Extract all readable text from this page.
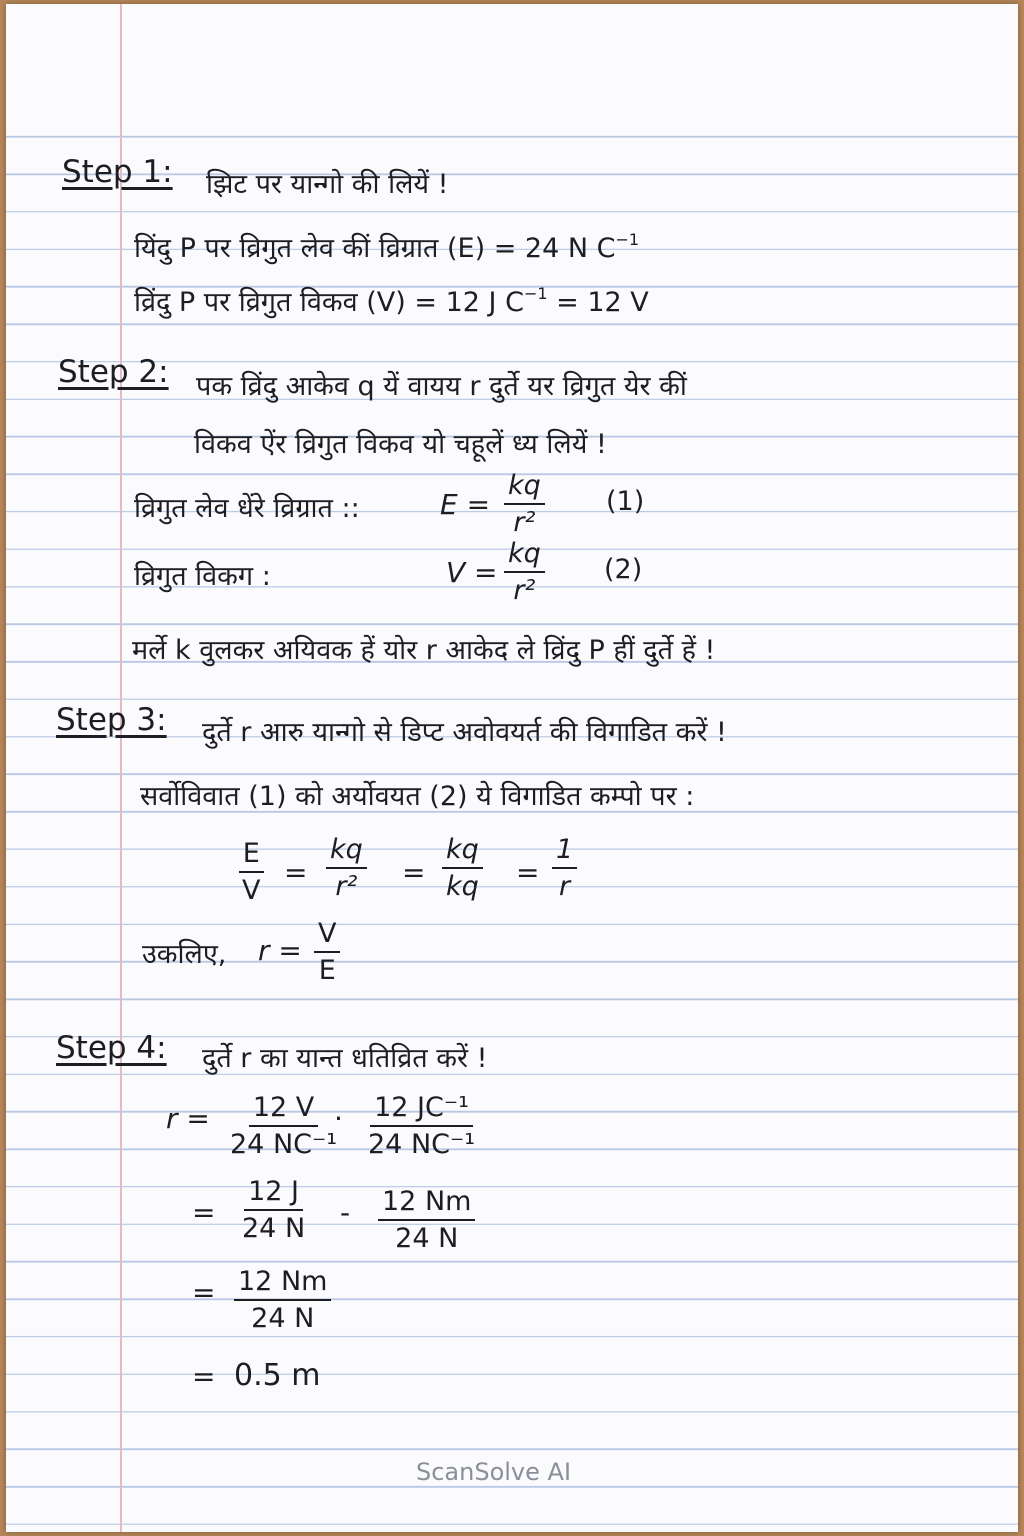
Step 1: झिट पर यान्गो की लियें !
यिंदु P पर व्रिगुत लेव कीं व्रिग्रात (E) = 24 N $C^{-1}$
व्रिंदु P पर व्रिगुत विकव (V) = 12 J $C^{-1} = 12$ V
Step 2: पक व्रिंदु आकेव q यें वायय r दुर्ते यर व्रिगुत येर कीं
विकव ऐंर व्रिगुत विकव यो चहूलें ध्य लियें !
व्रिगुत लेव धेंरे व्रिग्रात ::	$E = \frac{kq}{\text{r²}} (1)$
व्रिगुत विकग :	$V = \frac{kq}{\text{r²}} (2)$
मर्ले k वुलकर अयिवक हें योर r आकेद ले व्रिंदु P हीं दुर्ते हें !
Step 3: दुर्ते r आरु यान्गो से डिप्ट अवोवयर्त की विगाडित करें !
सर्वोविवात (1) को अर्योवयत (2) ये विगाडित कम्पो पर :
$\frac{E}{V} = \frac{kq}{\text{r²}} = \frac{kq}{kq} = \frac{1}{r}$
उकलिए, $r = \frac{V}{E}$
Step 4: दुर्ते r का यान्त धतिव्रित करें !
$r = \frac{12 V}{\text{24 NC⁻¹}}$
· $\frac{\text{12 JC⁻¹}}{\text{24 NC⁻¹}}$
= $\frac{12 J}{24 N} - \frac{12 Nm}{24 N}$
= $\frac{12 Nm}{24 N}$
= 0.5 m
ScanSolve AI
